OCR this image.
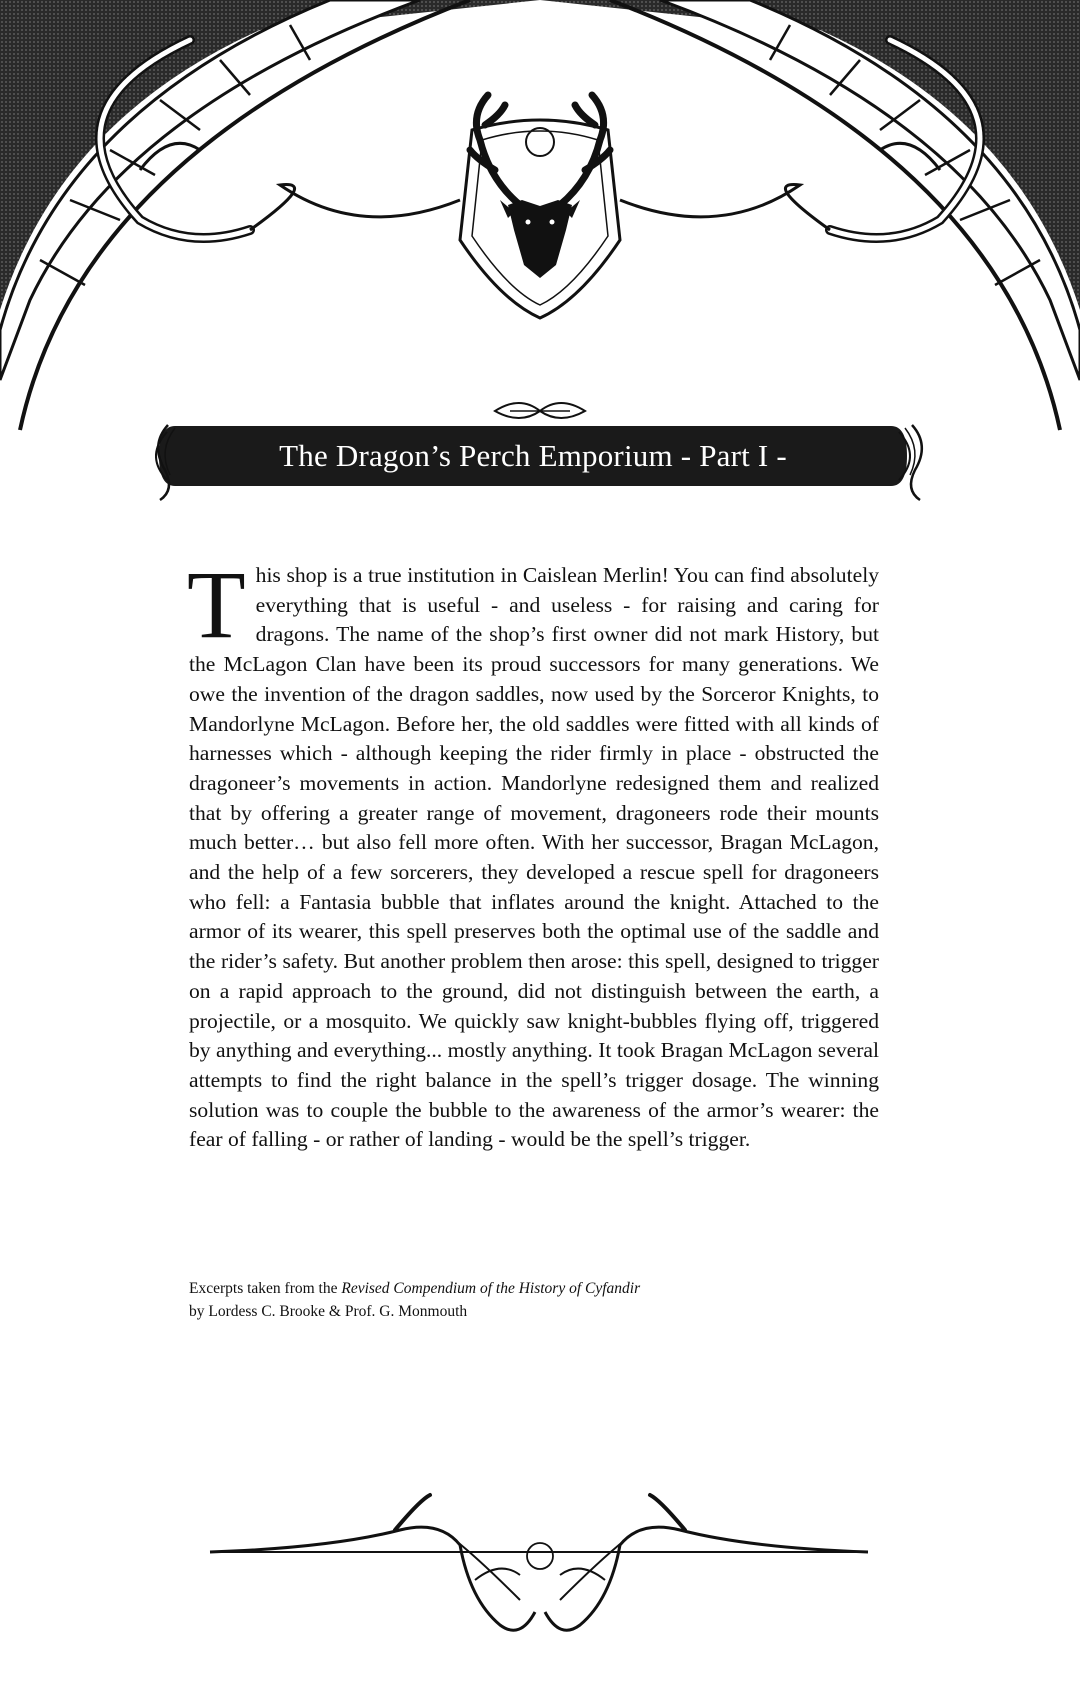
The Dragon’s Perch Emporium - Part I -
This shop is a true institution in Caislean Merlin! You can find absolutely everything that is useful - and useless - for raising and caring for dragons. The name of the shop’s first owner did not mark History, but the McLagon Clan have been its proud successors for many generations. We owe the invention of the dragon saddles, now used by the Sorceror Knights, to Mandorlyne McLagon. Before her, the old saddles were fitted with all kinds of harnesses which - although keeping the rider firmly in place - obstructed the dragoneer’s movements in action. Mandorlyne redesigned them and realized that by offering a greater range of movement, dragoneers rode their mounts much better… but also fell more often. With her successor, Bragan McLagon, and the help of a few sorcerers, they developed a rescue spell for dragoneers who fell: a Fantasia bubble that inflates around the knight. Attached to the armor of its wearer, this spell preserves both the optimal use of the saddle and the rider’s safety. But another problem then arose: this spell, designed to trigger on a rapid approach to the ground, did not distinguish between the earth, a projectile, or a mosquito. We quickly saw knight-bubbles flying off, triggered by anything and everything... mostly anything. It took Bragan McLagon several attempts to find the right balance in the spell’s trigger dosage. The winning solution was to couple the bubble to the awareness of the armor’s wearer: the fear of falling - or rather of landing - would be the spell’s trigger.
Excerpts taken from the Revised Compendium of the History of Cyfandir
by Lordess C. Brooke & Prof. G. Monmouth
